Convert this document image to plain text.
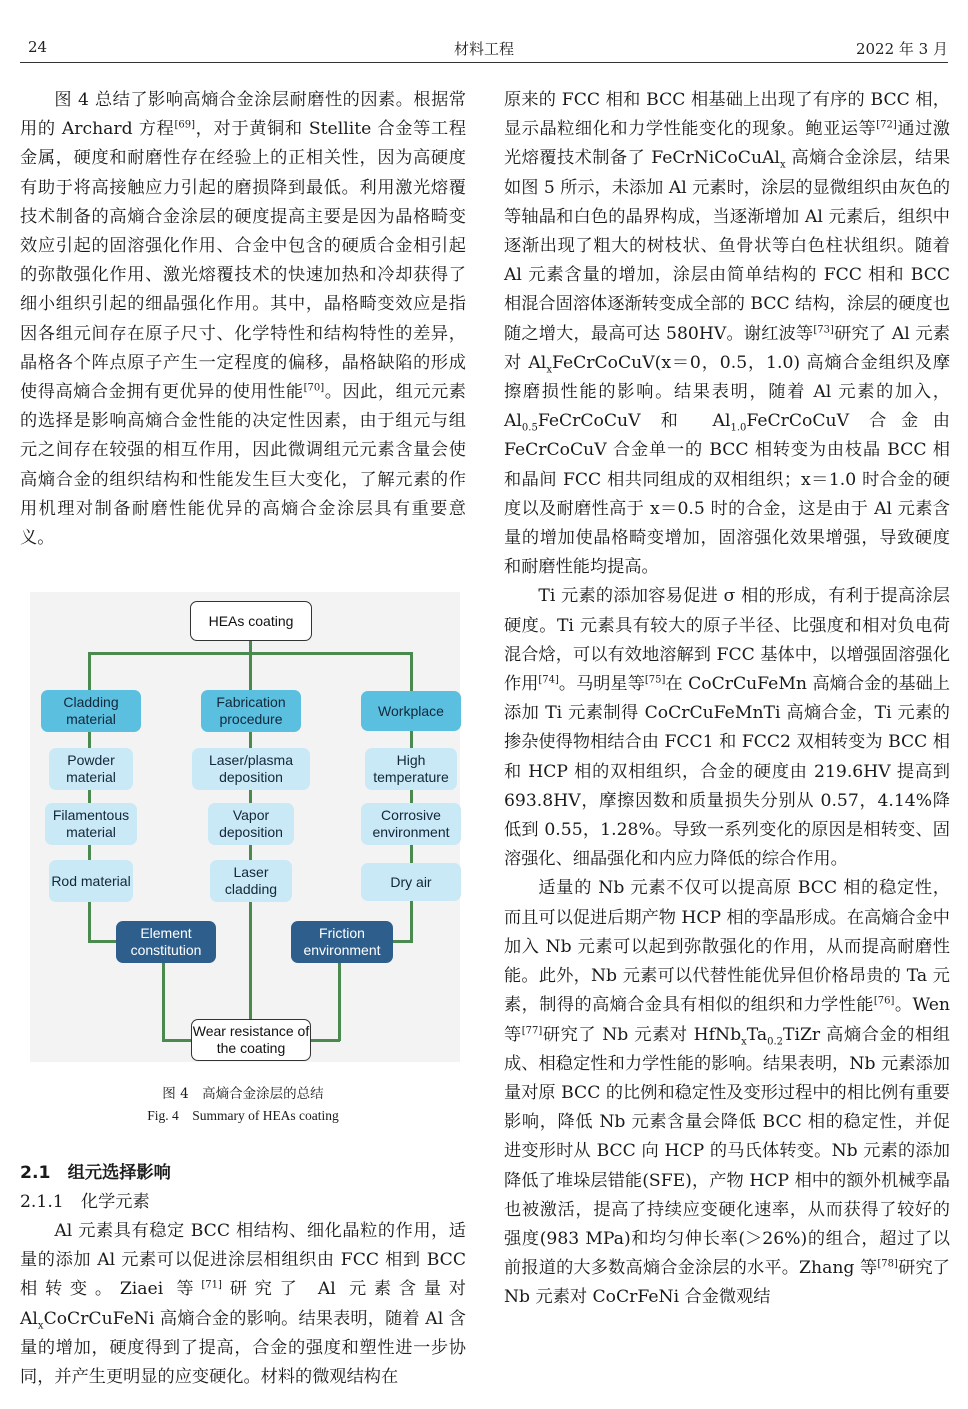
24	材料工程	2022 年 3 月

图 4 总结了影响高熵合金涂层耐磨性的因素。根据常用的 Archard 方程[69]，对于黄铜和 Stellite 合金等工程金属，硬度和耐磨性存在经验上的正相关性，因为高硬度有助于将高接触应力引起的磨损降到最低。利用激光熔覆技术制备的高熵合金涂层的硬度提高主要是因为晶格畸变效应引起的固溶强化作用、合金中包含的硬质合金相引起的弥散强化作用、激光熔覆技术的快速加热和冷却获得了细小组织引起的细晶强化作用。其中，晶格畸变效应是指因各组元间存在原子尺寸、化学特性和结构特性的差异，晶格各个阵点原子产生一定程度的偏移，晶格缺陷的形成使得高熵合金拥有更优异的使用性能[70]。因此，组元元素的选择是影响高熵合金性能的决定性因素，由于组元与组元之间存在较强的相互作用，因此微调组元元素含量会使高熵合金的组织结构和性能发生巨大变化，了解元素的作用机理对制备耐磨性能优异的高熵合金涂层具有重要意义。

HEAs coating
Cladding material
Fabrication procedure
Workplace
Powder material
Filamentous material
Rod material
Laser/plasma deposition
Vapor deposition
Laser cladding
High temperature
Corrosive environment
Dry air
Element constitution
Friction environment
Wear resistance of the coating
图 4　高熵合金涂层的总结
Fig. 4　Summary of HEAs coating
2.1　组元选择影响
2.1.1　化学元素

Al 元素具有稳定 BCC 相结构、细化晶粒的作用，适量的添加 Al 元素可以促进涂层相组织由 FCC 相到 BCC 相转变。Ziaei 等[71]研究了 Al 元素含量对 $Al_xCoCrCuFeNi$ 高熵合金的影响。结果表明，随着 Al 含量的增加，硬度得到了提高，合金的强度和塑性进一步协同，并产生更明显的应变硬化。材料的微观结构在

原来的 FCC 相和 BCC 相基础上出现了有序的 BCC 相，显示晶粒细化和力学性能变化的现象。鲍亚运等[72]通过激光熔覆技术制备了 FeCrNiCoCuAl$_x$ 高熵合金涂层，结果如图 5 所示，未添加 Al 元素时，涂层的显微组织由灰色的等轴晶和白色的晶界构成，当逐渐增加 Al 元素后，组织中逐渐出现了粗大的树枝状、鱼骨状等白色柱状组织。随着 Al 元素含量的增加，涂层由简单结构的 FCC 相和 BCC 相混合固溶体逐渐转变成全部的 BCC 结构，涂层的硬度也随之增大，最高可达 580HV。谢红波等[73]研究了 Al 元素对 $Al_xFeCrCoCuV(x=0$，0.5，1.0) 高熵合金组织及摩擦磨损性能的影响。结果表明，随着 Al 元素的加入，$Al_{0.5}FeCrCoCuV$ 和 $Al_{1.0}FeCrCoCuV$ 合金由 FeCrCoCuV 合金单一的 BCC 相转变为由枝晶 BCC 相和晶间 FCC 相共同组成的双相组织；x＝1.0 时合金的硬度以及耐磨性高于 x＝0.5 时的合金，这是由于 Al 元素含量的增加使晶格畸变增加，固溶强化效果增强，导致硬度和耐磨性能均提高。

Ti 元素的添加容易促进 σ 相的形成，有利于提高涂层硬度。Ti 元素具有较大的原子半径、比强度和相对负电荷混合焓，可以有效地溶解到 FCC 基体中，以增强固溶强化作用[74]。马明星等[75]在 CoCrCuFeMn 高熵合金的基础上添加 Ti 元素制得 CoCrCuFeMnTi 高熵合金，Ti 元素的掺杂使得物相结合由 FCC1 和 FCC2 双相转变为 BCC 相和 HCP 相的双相组织，合金的硬度由 219.6HV 提高到 693.8HV，摩擦因数和质量损失分别从 0.57，4.14%降低到 0.55，1.28%。导致一系列变化的原因是相转变、固溶强化、细晶强化和内应力降低的综合作用。

适量的 Nb 元素不仅可以提高原 BCC 相的稳定性，而且可以促进后期产物 HCP 相的孪晶形成。在高熵合金中加入 Nb 元素可以起到弥散强化的作用，从而提高耐磨性能。此外，Nb 元素可以代替性能优异但价格昂贵的 Ta 元素，制得的高熵合金具有相似的组织和力学性能[76]。Wen 等[77]研究了 Nb 元素对 $HfNb_xTa_{0.2}TiZr$ 高熵合金的相组成、相稳定性和力学性能的影响。结果表明，Nb 元素添加量对原 BCC 的比例和稳定性及变形过程中的相比例有重要影响，降低 Nb 元素含量会降低 BCC 相的稳定性，并促进变形时从 BCC 向 HCP 的马氏体转变。Nb 元素的添加降低了堆垛层错能(SFE)，产物 HCP 相中的额外机械孪晶也被激活，提高了持续应变硬化速率，从而获得了较好的强度(983 MPa)和均匀伸长率(＞26%)的组合，超过了以前报道的大多数高熵合金涂层的水平。Zhang 等[78]研究了 Nb 元素对 CoCrFeNi 合金微观结
